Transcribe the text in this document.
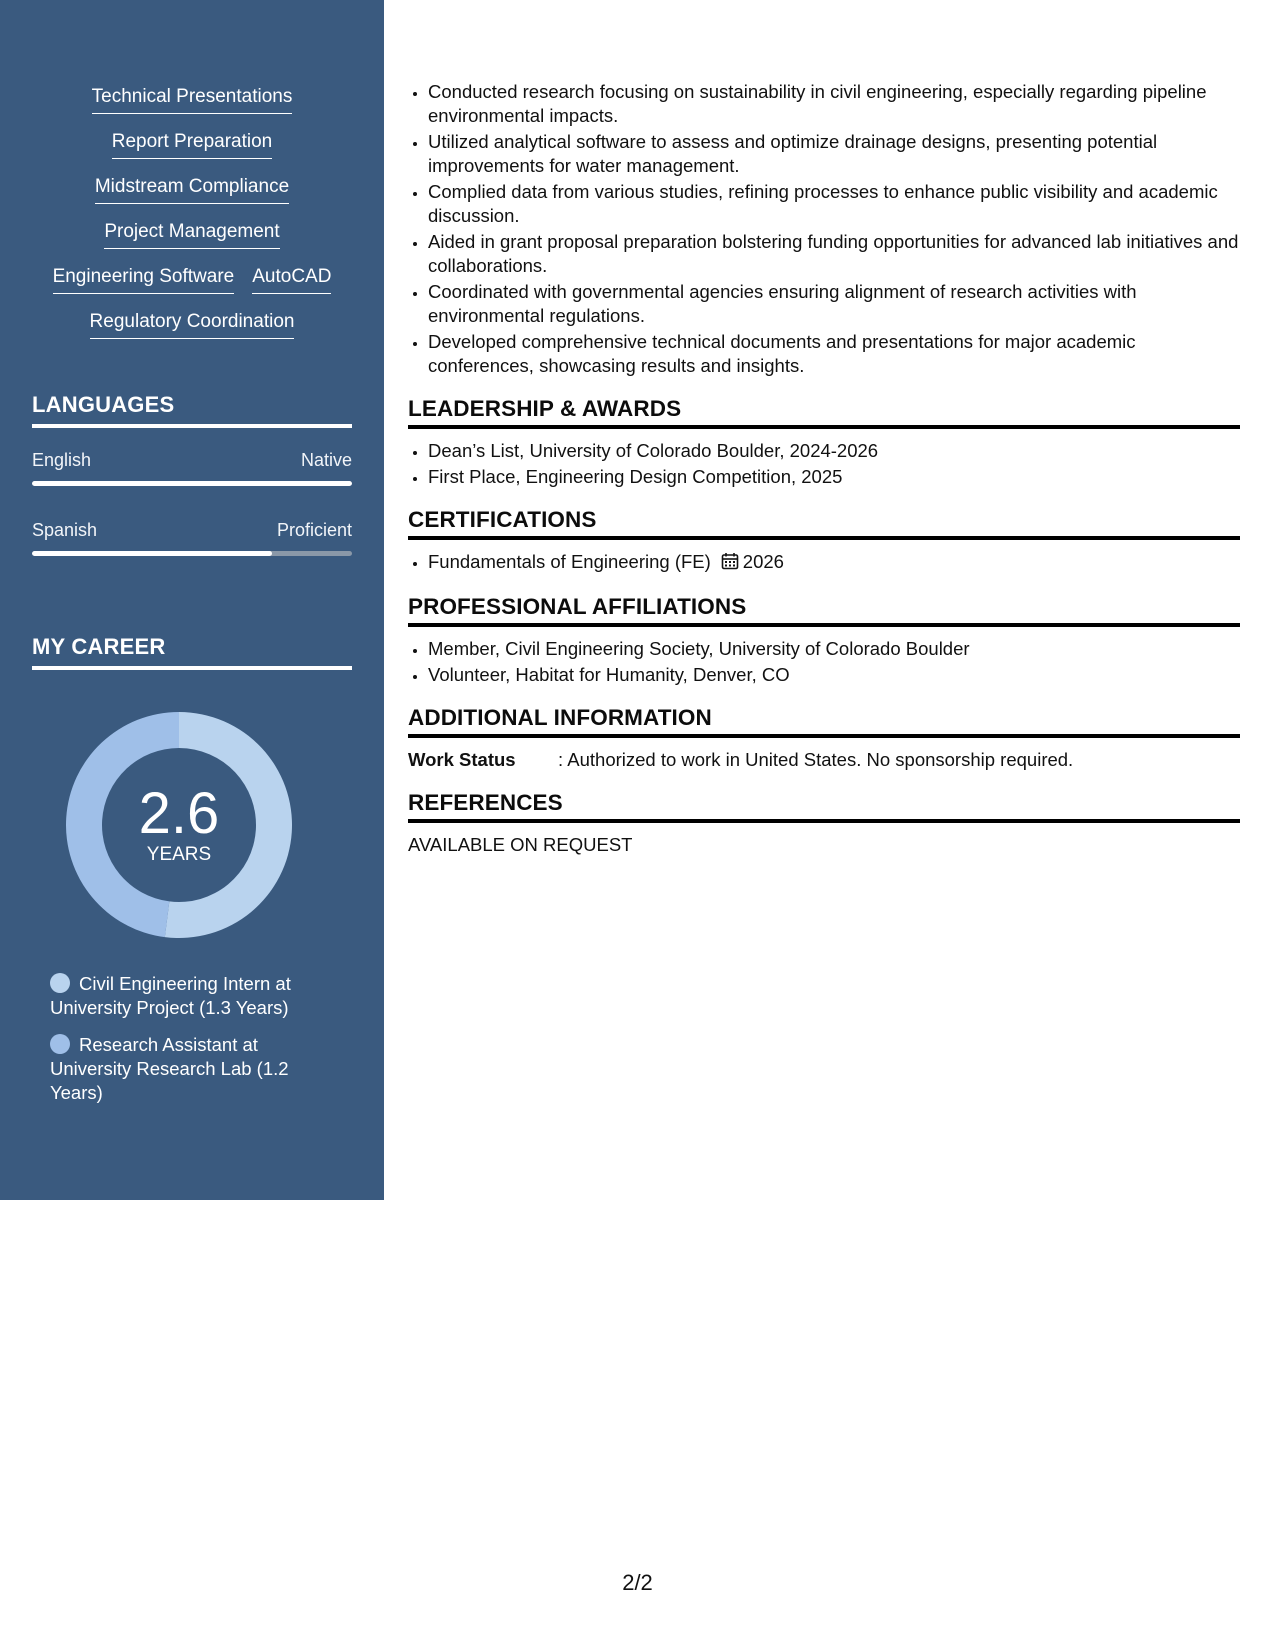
Technical Presentations
Report Preparation
Midstream Compliance
Project Management
Engineering Software AutoCAD
Regulatory Coordination
LANGUAGES
English	Native
Spanish	Proficient
MY CAREER
2.6
YEARS
Civil Engineering Intern at University Project (1.3 Years)
Research Assistant at University Research Lab (1.2 Years)
• Conducted research focusing on sustainability in civil engineering, especially regarding pipeline environmental impacts.
• Utilized analytical software to assess and optimize drainage designs, presenting potential improvements for water management.
• Complied data from various studies, refining processes to enhance public visibility and academic discussion.
• Aided in grant proposal preparation bolstering funding opportunities for advanced lab initiatives and collaborations.
• Coordinated with governmental agencies ensuring alignment of research activities with environmental regulations.
• Developed comprehensive technical documents and presentations for major academic conferences, showcasing results and insights.
LEADERSHIP & AWARDS
• Dean’s List, University of Colorado Boulder, 2024-2026
• First Place, Engineering Design Competition, 2025
CERTIFICATIONS
• Fundamentals of Engineering (FE) 2026
PROFESSIONAL AFFILIATIONS
• Member, Civil Engineering Society, University of Colorado Boulder
• Volunteer, Habitat for Humanity, Denver, CO
ADDITIONAL INFORMATION
Work Status	: Authorized to work in United States. No sponsorship required.
REFERENCES
AVAILABLE ON REQUEST
2/2
